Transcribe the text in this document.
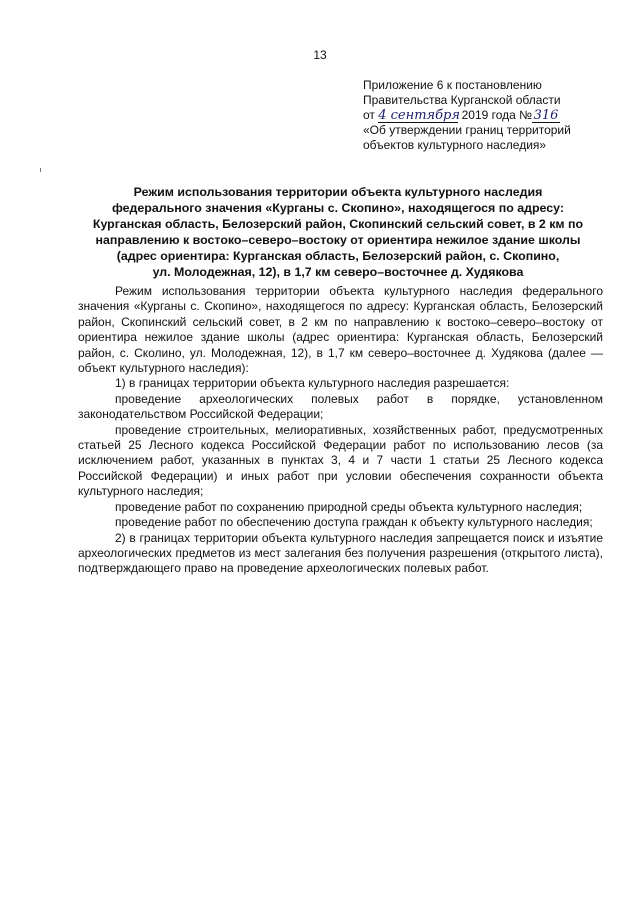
13
Приложение 6 к постановлению
Правительства Курганской области
от 4 сентября 2019 года № 316
«Об утверждении границ территорий
объектов культурного наследия»
Режим использования территории объекта культурного наследия
федерального значения «Курганы с. Скопино», находящегося по адресу:
Курганская область, Белозерский район, Скопинский сельский совет, в 2 км по
направлению к востоко–северо–востоку от ориентира нежилое здание школы
(адрес ориентира: Курганская область, Белозерский район, с. Скопино,
ул. Молодежная, 12), в 1,7 км северо–восточнее д. Худякова

Режим использования территории объекта культурного наследия федерального значения «Курганы с. Скопино», находящегося по адресу: Курганская область, Белозерский район, Скопинский сельский совет, в 2 км по направлению к востоко–северо–востоку от ориентира нежилое здание школы (адрес ориентира: Курганская область, Белозерский район, с. Сколино, ул. Молодежная, 12), в 1,7 км северо–восточнее д. Худякова (далее — объект культурного наследия):

1) в границах территории объекта культурного наследия разрешается:

проведение археологических полевых работ в порядке, установленном законодательством Российской Федерации;

проведение строительных, мелиоративных, хозяйственных работ, предусмотренных статьей 25 Лесного кодекса Российской Федерации работ по использованию лесов (за исключением работ, указанных в пунктах 3, 4 и 7 части 1 статьи 25 Лесного кодекса Российской Федерации) и иных работ при условии обеспечения сохранности объекта культурного наследия;

проведение работ по сохранению природной среды объекта культурного наследия;

проведение работ по обеспечению доступа граждан к объекту культурного наследия;

2) в границах территории объекта культурного наследия запрещается поиск и изъятие археологических предметов из мест залегания без получения разрешения (открытого листа), подтверждающего право на проведение археологических полевых работ.
